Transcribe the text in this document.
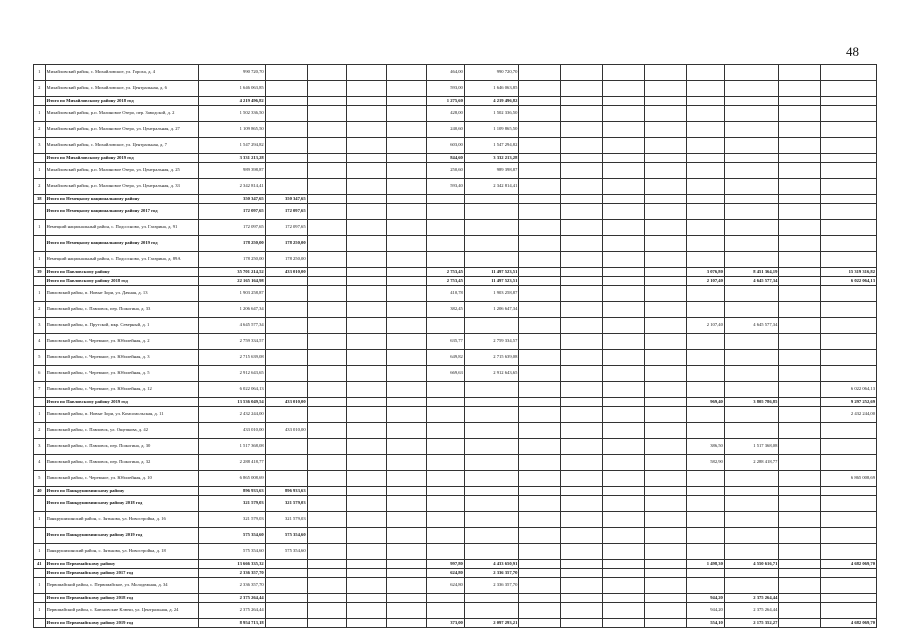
48
1	Михайловский район, с. Михайловское, ул. Гороха, д. 4	990 720,70					464,00	990 720,70								
2	Михайловский район, с. Михайловское, ул. Центральная, д. 6	1 646 063,85					593,00	1 646 063,85								
	Итого по Михайловскому району 2018 год	4 219 496,82					1 275,60	4 219 496,82								
1	Михайловский район, р.п. Малиновое Озеро, пер. Заводской, д. 2	1 502 336,50					428,00	1 502 336,50								
2	Михайловский район, р.п. Малиновое Озеро, ул. Центральная, д. 27	1 109 865,50					240,60	1 109 865,50								
3	Михайловский район, с. Михайловское, ул. Центральная, д. 7	1 547 294,82					603,00	1 547 294,82								
	Итого по Михайловскому району 2019 год	3 331 213,28					844,60	3 332 213,28								
1	Михайловский район, р.п. Малиновое Озеро, ул. Центральная, д. 25	989 398,87					250,60	989 398,87								
2	Михайловский район, р.п. Малиновое Озеро, ул. Центральная, д. 33	2 342 814,41					593,40	2 342 814,41								
38	Итого по Немецкому национальному району	350 347,65	350 347,65													
	Итого по Немецкому национальному району 2017 год	172 097,65	172 097,65													
1	Немецкий национальный район, с. Подсосново, ул. Гагарина, д. 91	172 097,65	172 097,65													
	Итого по Немецкому национальному району 2019 год	178 250,00	178 250,00													
1	Немецкий национальный район, с. Подсосново, ул. Гагарина, д. 89А	178 250,00	178 250,00													
39	Итого по Павловскому району	35 701 214,52	433 010,00				2 753,45	11 497 523,51					3 076,80	8 451 364,19		15 319 316,82
	Итого по Павловскому району 2018 год	22 165 164,98					2 753,45	11 497 523,51					2 107,40	4 645 577,34		6 022 064,13
1	Павловский район, п. Новые Зори, ул. Дачная, д. 13	1 903 258,87					410,78	1 903 258,87								
2	Павловский район, с. Павловск, пер. Пожогина, д. 33	1 206 647,34					382,45	1 206 647,34								
3	Павловский район, п. Прутской, мкр. Северный, д. 1	4 645 577,34											2 107,40	4 645 577,34		
4	Павловский район, с. Черемное, ул. Юбилейная, д. 2	2 759 334,57					635,77	2 759 334,57								
5	Павловский район, с. Черемное, ул. Юбилейная, д. 3	2 715 639,08					649,82	2 715 639,08								
6	Павловский район, с. Черемное, ул. Юбилейная, д. 5	2 912 643,65					669,63	2 912 643,65								
7	Павловский район, с. Черемное, ул. Юбилейная, д. 12	6 022 064,13														6 022 064,13
	Итого по Павловскому району 2019 год	13 536 049,54	433 010,00										969,40	3 805 786,85		9 297 252,69
1	Павловский район, п. Новые Зори, ул. Комсомольская, д. 11	2 432 244,00														2 432 244,00
2	Павловский район, с. Павловск, ул. Ощепкова, д. 42	433 010,00	433 010,00													
3	Павловский район, с. Павловск, пер. Пожогина, д. 30	1 517 368,08											386,50	1 517 368,08		
4	Павловский район, с. Павловск, пер. Пожогина, д. 32	2 288 418,77											582,90	2 288 418,77		
5	Павловский район, с. Черемное, ул. Юбилейная, д. 10	6 865 008,69														6 865 008,69
40	Итого по Панкрушихинскому району	896 933,63	896 933,63													
	Итого по Панкрушихинскому району 2018 год	321 579,03	321 579,03													
1	Панкрушихинский район, с. Зятькова, ул. Новостройка, д. 16	321 579,03	321 579,03													
	Итого по Панкрушихинскому району 2019 год	575 354,60	575 354,60													
1	Панкрушихинский район, с. Зятькова, ул. Новостройка, д. 18	575 354,60	575 354,60													
41	Итого по Первомайскому району	13 666 335,32					997,80	4 433 650,91					1 498,30	4 550 616,71		4 682 069,70
	Итого по Первомайскому району 2017 год	2 336 357,70					624,80	2 336 357,70								
1	Первомайский район, с. Первомайское, ул. Молодежная, д. 34	2 336 357,70					624,80	2 336 357,70								
	Итого по Первомайскому району 2018 год	2 375 264,44											944,20	2 375 264,44		
1	Первомайский район, с. Баюновские Ключи, ул. Центральная, д. 24	2 375 264,44											944,20	2 375 264,44		
	Итого по Первомайскому району 2019 год	8 954 713,18					373,00	2 097 293,21					554,10	2 175 352,27		4 682 069,70
